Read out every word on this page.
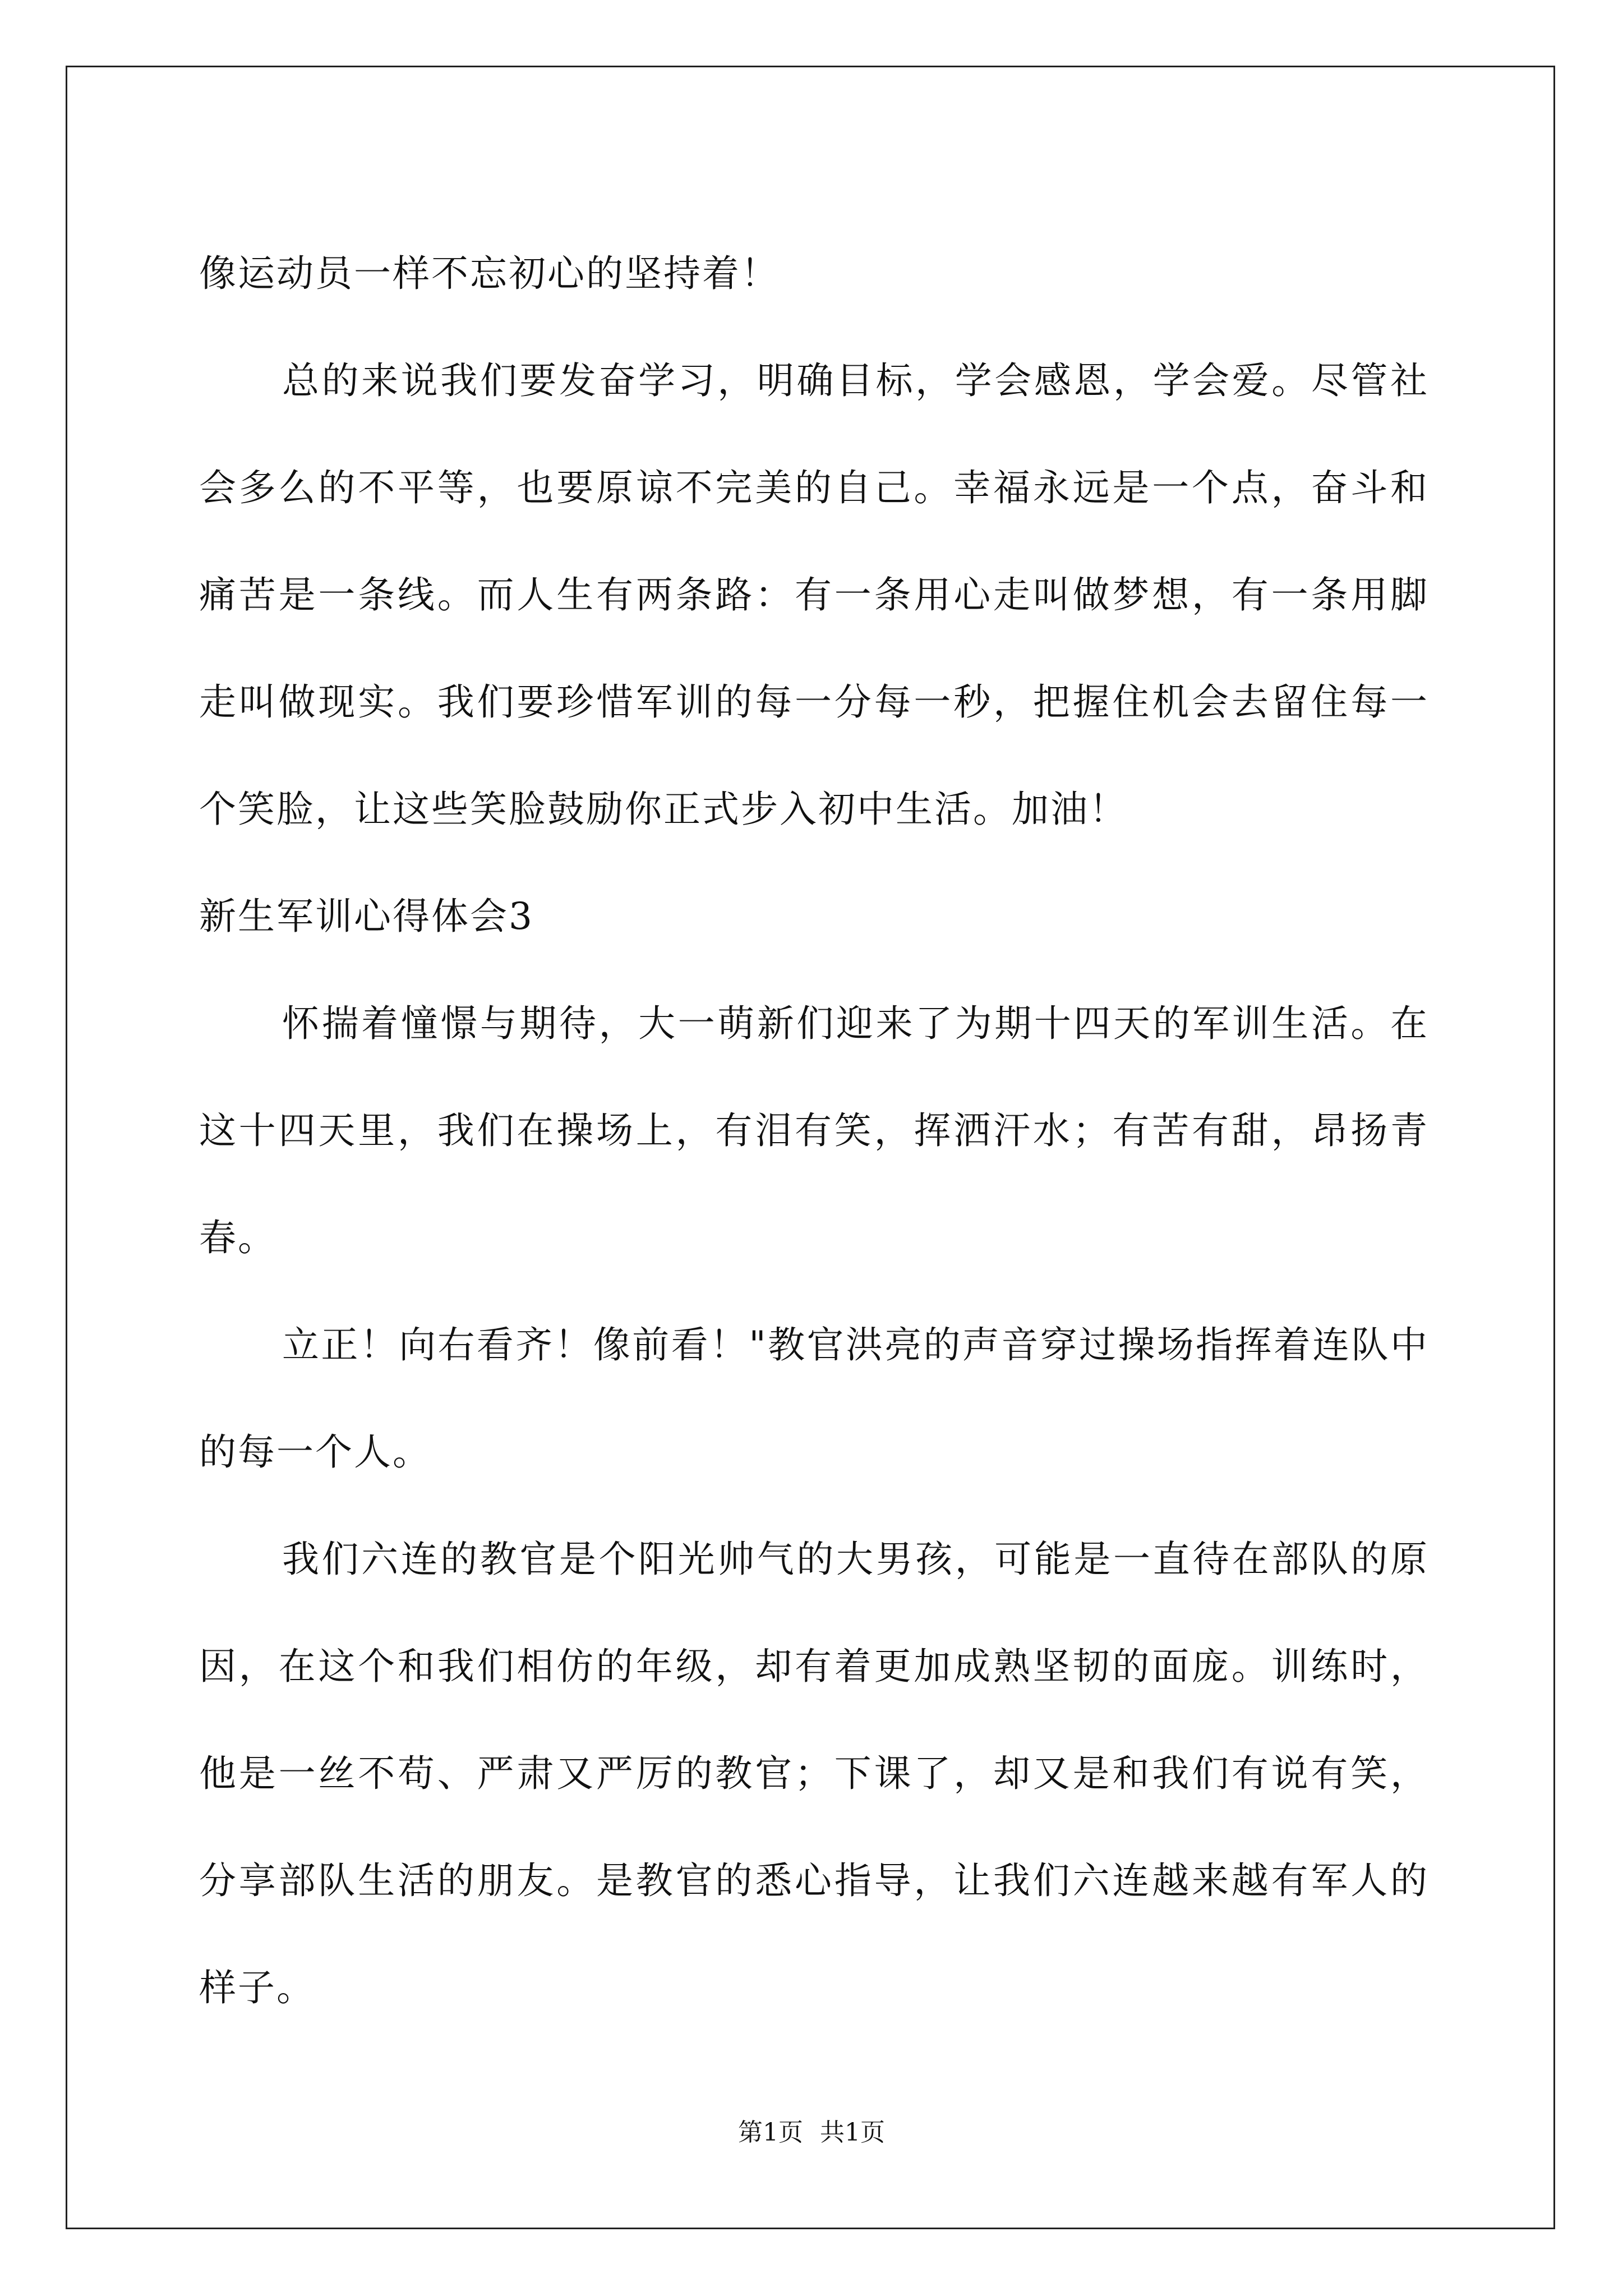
像运动员一样不忘初心的坚持着！

总的来说我们要发奋学习，明确目标，学会感恩，学会爱。尽管社会多么的不平等，也要原谅不完美的自己。幸福永远是一个点，奋斗和痛苦是一条线。而人生有两条路：有一条用心走叫做梦想，有一条用脚走叫做现实。我们要珍惜军训的每一分每一秒，把握住机会去留住每一个笑脸，让这些笑脸鼓励你正式步入初中生活。加油！

新生军训心得体会3

怀揣着憧憬与期待，大一萌新们迎来了为期十四天的军训生活。在这十四天里，我们在操场上，有泪有笑，挥洒汗水；有苦有甜，昂扬青春。

立正！向右看齐！像前看！"教官洪亮的声音穿过操场指挥着连队中的每一个人。

我们六连的教官是个阳光帅气的大男孩，可能是一直待在部队的原因，在这个和我们相仿的年级，却有着更加成熟坚韧的面庞。训练时，他是一丝不苟、严肃又严厉的教官；下课了，却又是和我们有说有笑，分享部队生活的朋友。是教官的悉心指导，让我们六连越来越有军人的样子。

第1页 共1页
